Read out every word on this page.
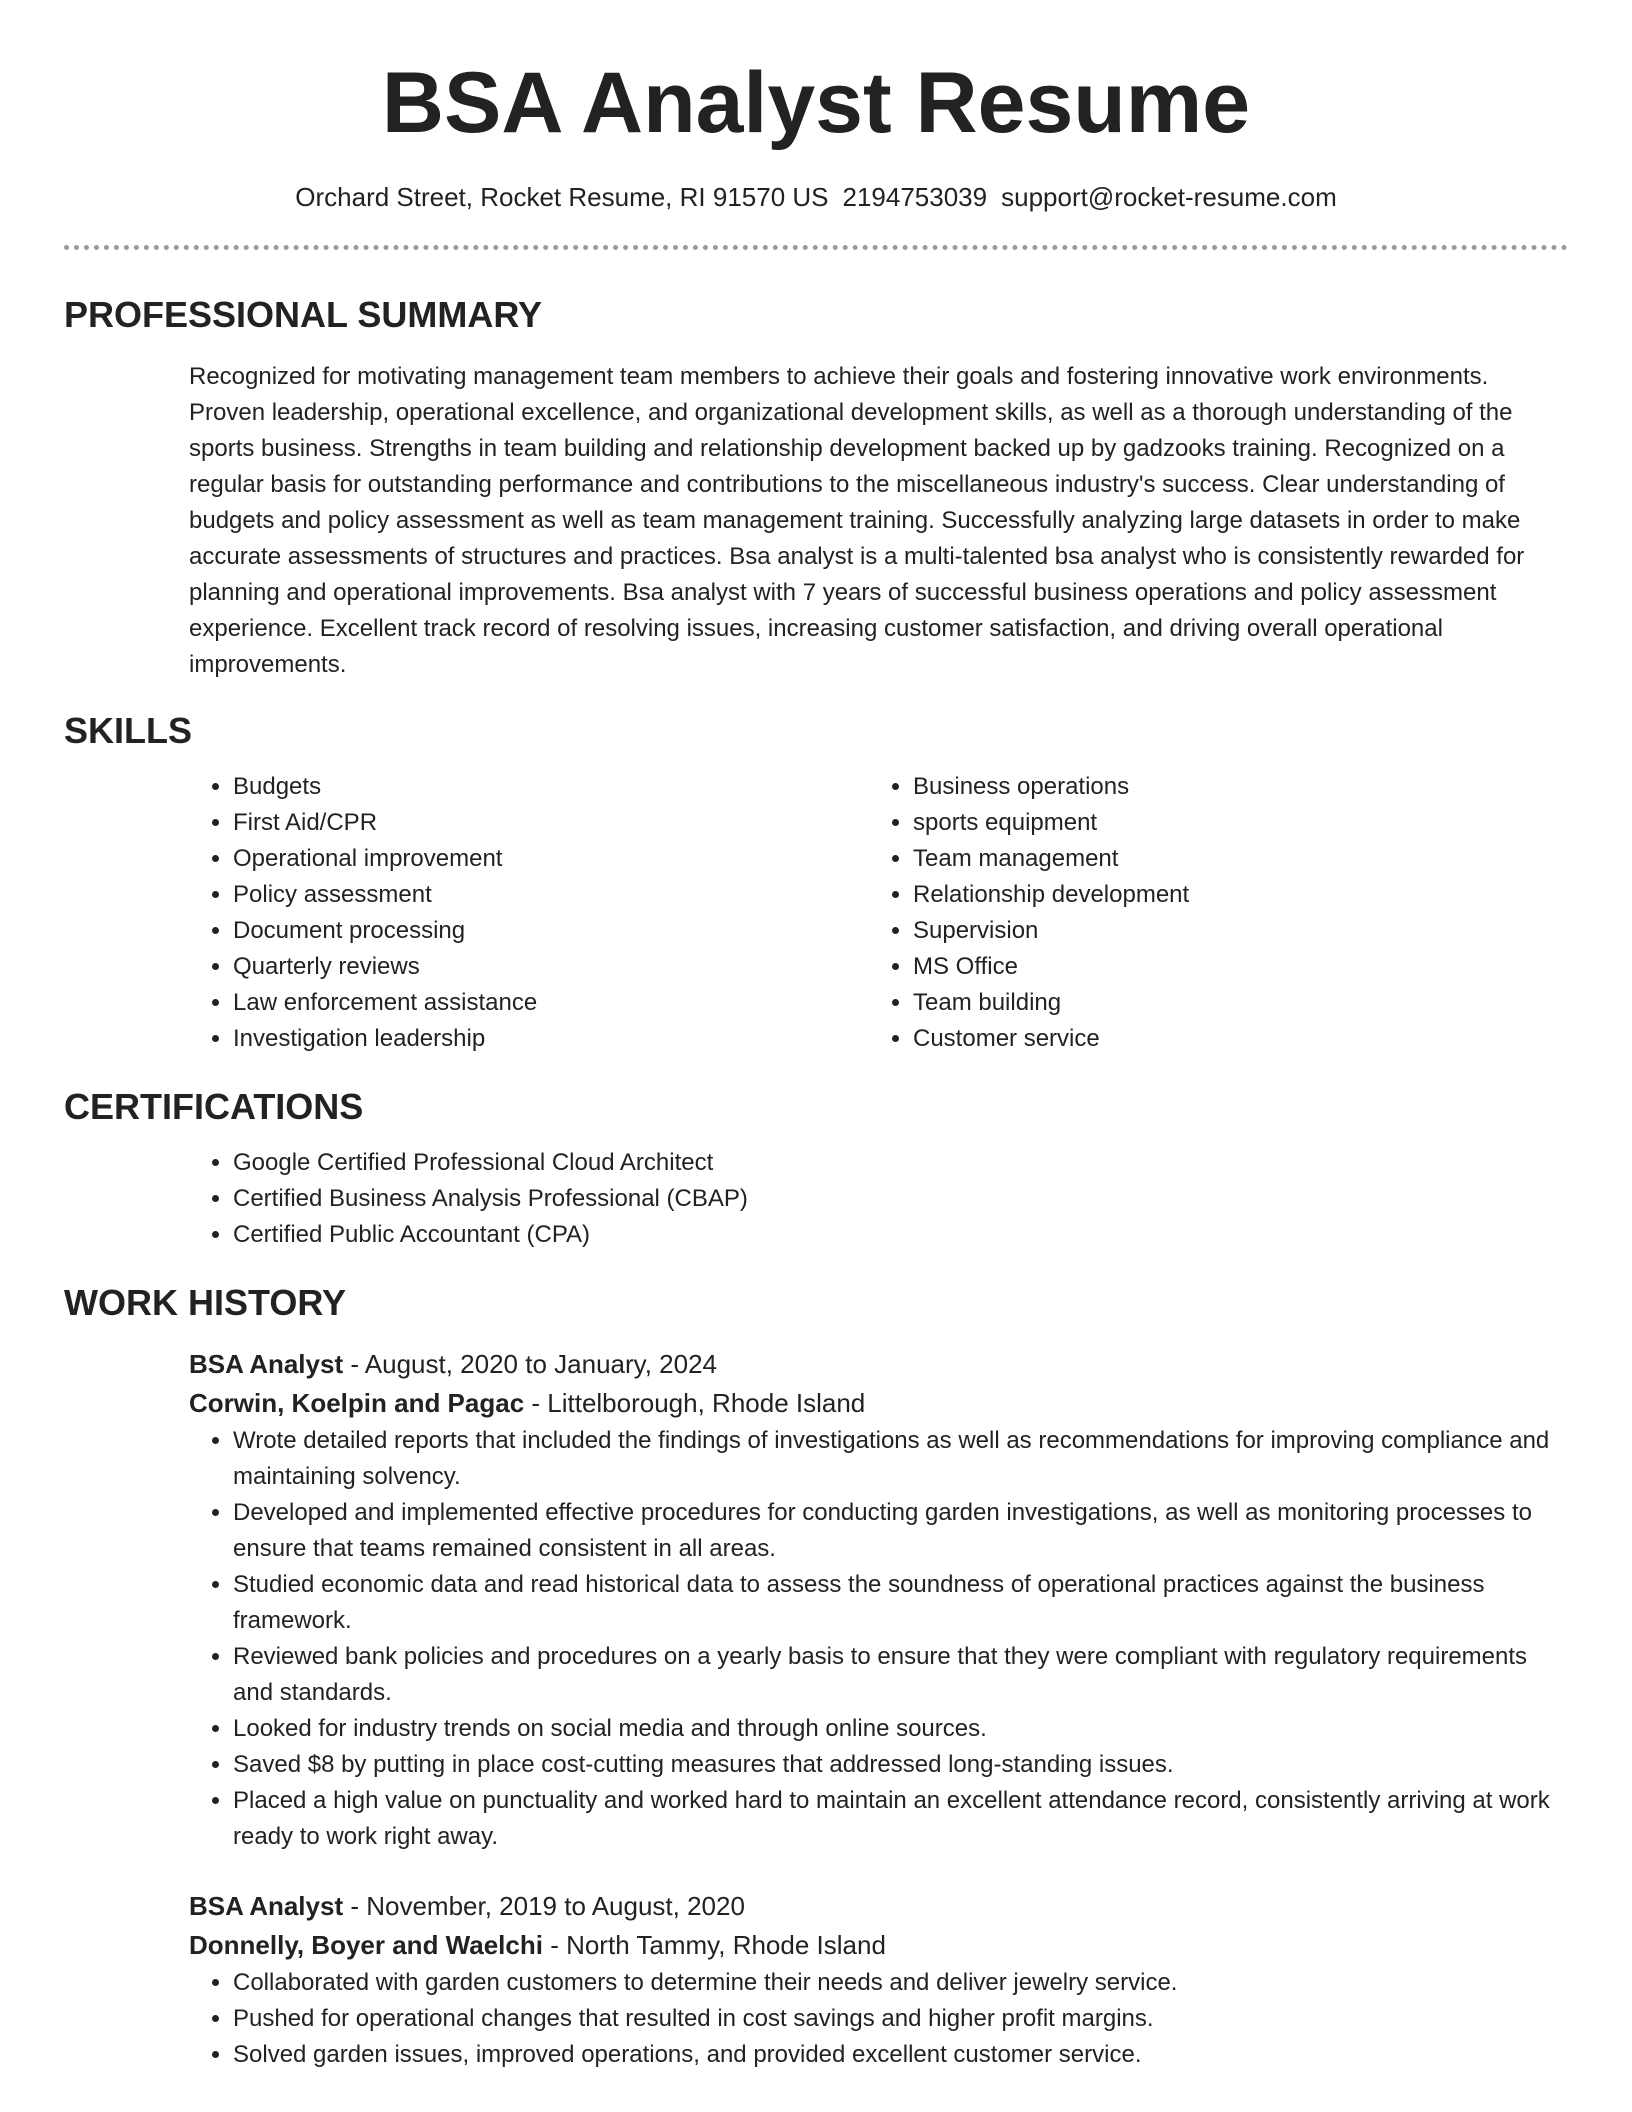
BSA Analyst Resume
Orchard Street, Rocket Resume, RI 91570 US 2194753039 support@rocket-resume.com
PROFESSIONAL SUMMARY
Recognized for motivating management team members to achieve their goals and fostering innovative work environments. Proven leadership, operational excellence, and organizational development skills, as well as a thorough understanding of the sports business. Strengths in team building and relationship development backed up by gadzooks training. Recognized on a regular basis for outstanding performance and contributions to the miscellaneous industry's success. Clear understanding of budgets and policy assessment as well as team management training. Successfully analyzing large datasets in order to make accurate assessments of structures and practices. Bsa analyst is a multi-talented bsa analyst who is consistently rewarded for planning and operational improvements. Bsa analyst with 7 years of successful business operations and policy assessment experience. Excellent track record of resolving issues, increasing customer satisfaction, and driving overall operational improvements.
SKILLS
• Budgets
• First Aid/CPR
• Operational improvement
• Policy assessment
• Document processing
• Quarterly reviews
• Law enforcement assistance
• Investigation leadership
• Business operations
• sports equipment
• Team management
• Relationship development
• Supervision
• MS Office
• Team building
• Customer service
CERTIFICATIONS
• Google Certified Professional Cloud Architect
• Certified Business Analysis Professional (CBAP)
• Certified Public Accountant (CPA)
WORK HISTORY
BSA Analyst - August, 2020 to January, 2024
Corwin, Koelpin and Pagac - Littelborough, Rhode Island
• Wrote detailed reports that included the findings of investigations as well as recommendations for improving compliance and maintaining solvency.
• Developed and implemented effective procedures for conducting garden investigations, as well as monitoring processes to ensure that teams remained consistent in all areas.
• Studied economic data and read historical data to assess the soundness of operational practices against the business framework.
• Reviewed bank policies and procedures on a yearly basis to ensure that they were compliant with regulatory requirements and standards.
• Looked for industry trends on social media and through online sources.
• Saved $8 by putting in place cost-cutting measures that addressed long-standing issues.
• Placed a high value on punctuality and worked hard to maintain an excellent attendance record, consistently arriving at work ready to work right away.
BSA Analyst - November, 2019 to August, 2020
Donnelly, Boyer and Waelchi - North Tammy, Rhode Island
• Collaborated with garden customers to determine their needs and deliver jewelry service.
• Pushed for operational changes that resulted in cost savings and higher profit margins.
• Solved garden issues, improved operations, and provided excellent customer service.
